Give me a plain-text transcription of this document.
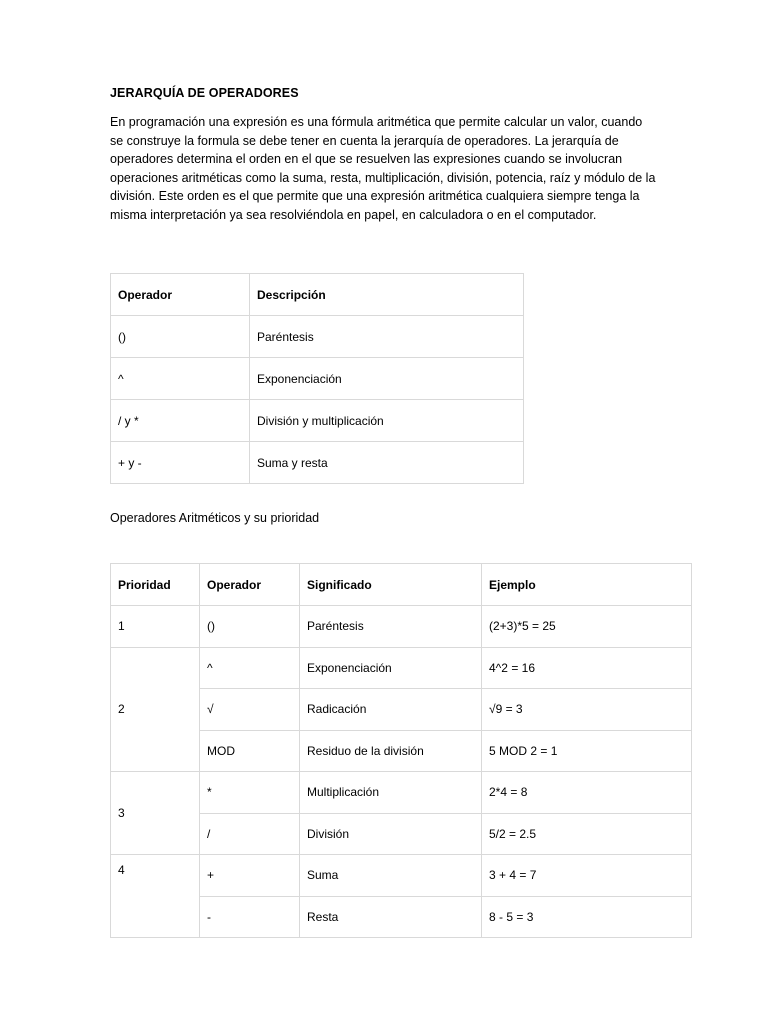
JERARQUÍA DE OPERADORES

En programación una expresión es una fórmula aritmética que permite calcular un valor, cuando se construye la formula se debe tener en cuenta la jerarquía de operadores. La jerarquía de operadores determina el orden en el que se resuelven las expresiones cuando se involucran operaciones aritméticas como la suma, resta, multiplicación, división, potencia, raíz y módulo de la división. Este orden es el que permite que una expresión aritmética cualquiera siempre tenga la misma interpretación ya sea resolviéndola en papel, en calculadora o en el computador.

Operador	Descripción
()	Paréntesis
^	Exponenciación
/ y *	División y multiplicación
+ y -	Suma y resta
Operadores Aritméticos y su prioridad
Prioridad	Operador	Significado	Ejemplo
1	()	Paréntesis	(2+3)*5 = 25
2	^	Exponenciación	4^2 = 16
	√	Radicación	√9 = 3
	MOD	Residuo de la división	5 MOD 2 = 1
3	*	Multiplicación	2*4 = 8
	/	División	5/2 = 2.5
4	+	Suma	3 + 4 = 7
	-	Resta	8 - 5 = 3
